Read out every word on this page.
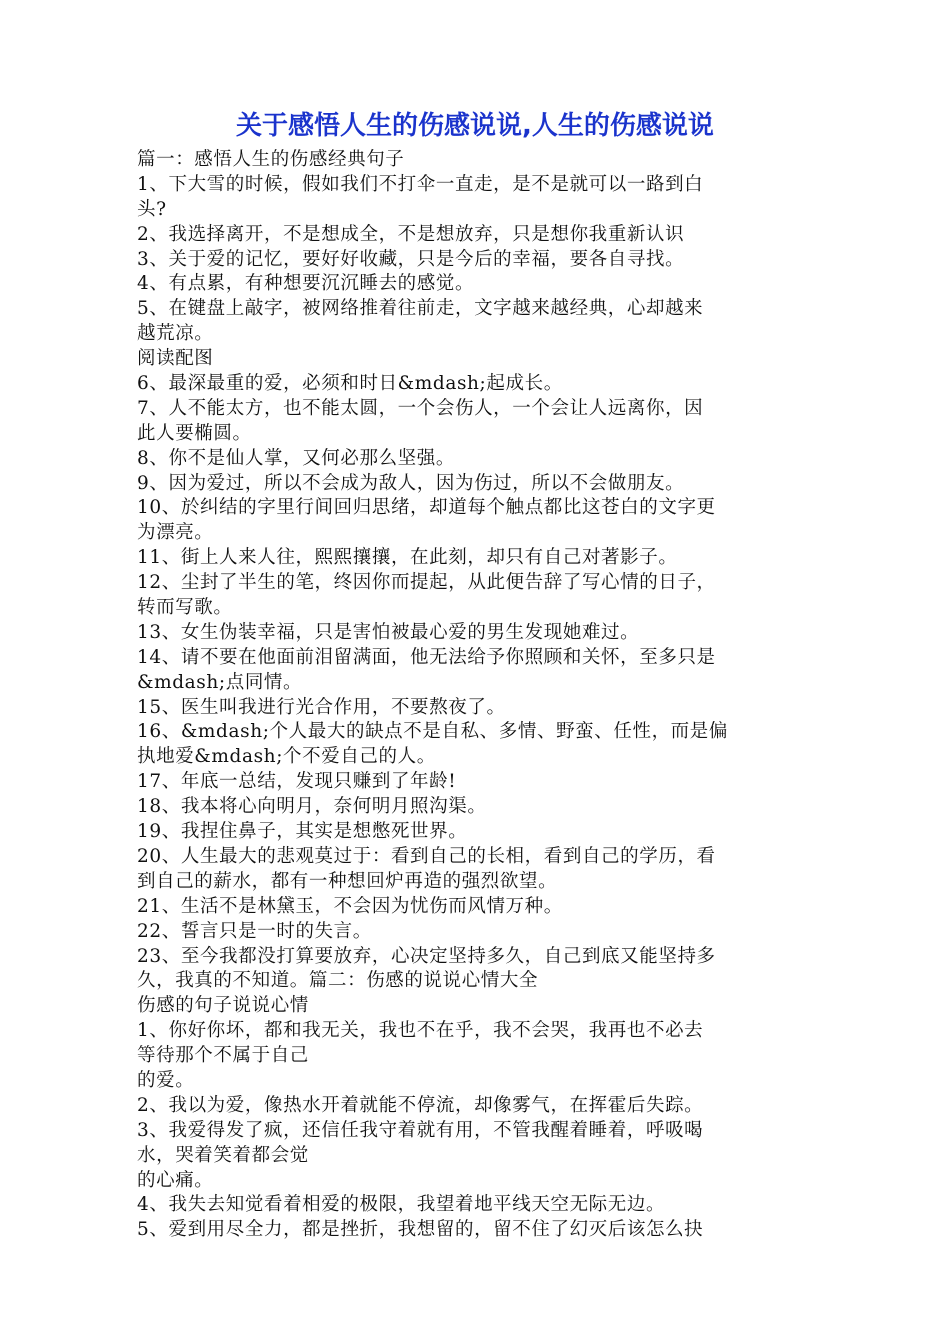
关于感悟人生的伤感说说,人生的伤感说说
篇一：感悟人生的伤感经典句子
1、下大雪的时候，假如我们不打伞一直走，是不是就可以一路到白
头?
2、我选择离开，不是想成全，不是想放弃，只是想你我重新认识
3、关于爱的记忆，要好好收藏，只是今后的幸福，要各自寻找。
4、有点累，有种想要沉沉睡去的感觉。
5、在键盘上敲字，被网络推着往前走，文字越来越经典，心却越来
越荒凉。
阅读配图
6、最深最重的爱，必须和时日&mdash;起成长。
7、人不能太方，也不能太圆，一个会伤人，一个会让人远离你，因
此人要椭圆。
8、你不是仙人掌，又何必那么坚强。
9、因为爱过，所以不会成为敌人，因为伤过，所以不会做朋友。
10、於纠结的字里行间回归思绪，却道每个触点都比这苍白的文字更
为漂亮。
11、街上人来人往，熙熙攘攘，在此刻，却只有自己对著影子。
12、尘封了半生的笔，终因你而提起，从此便告辞了写心情的日子，
转而写歌。
13、女生伪装幸福，只是害怕被最心爱的男生发现她难过。
14、请不要在他面前泪留满面，他无法给予你照顾和关怀，至多只是
&mdash;点同情。
15、医生叫我进行光合作用，不要熬夜了。
16、&mdash;个人最大的缺点不是自私、多情、野蛮、任性，而是偏
执地爱&mdash;个不爱自己的人。
17、年底一总结，发现只赚到了年龄!
18、我本将心向明月，奈何明月照沟渠。
19、我捏住鼻子，其实是想憋死世界。
20、人生最大的悲观莫过于：看到自己的长相，看到自己的学历，看
到自己的薪水，都有一种想回炉再造的强烈欲望。
21、生活不是林黛玉，不会因为忧伤而风情万种。
22、誓言只是一时的失言。
23、至今我都没打算要放弃，心决定坚持多久，自己到底又能坚持多
久，我真的不知道。篇二：伤感的说说心情大全
伤感的句子说说心情
1、你好你坏，都和我无关，我也不在乎，我不会哭，我再也不必去
等待那个不属于自己
的爱。
2、我以为爱，像热水开着就能不停流，却像雾气，在挥霍后失踪。
3、我爱得发了疯，还信任我守着就有用，不管我醒着睡着，呼吸喝
水，哭着笑着都会觉
的心痛。
4、我失去知觉看着相爱的极限，我望着地平线天空无际无边。
5、爱到用尽全力，都是挫折，我想留的，留不住了幻灭后该怎么抉
